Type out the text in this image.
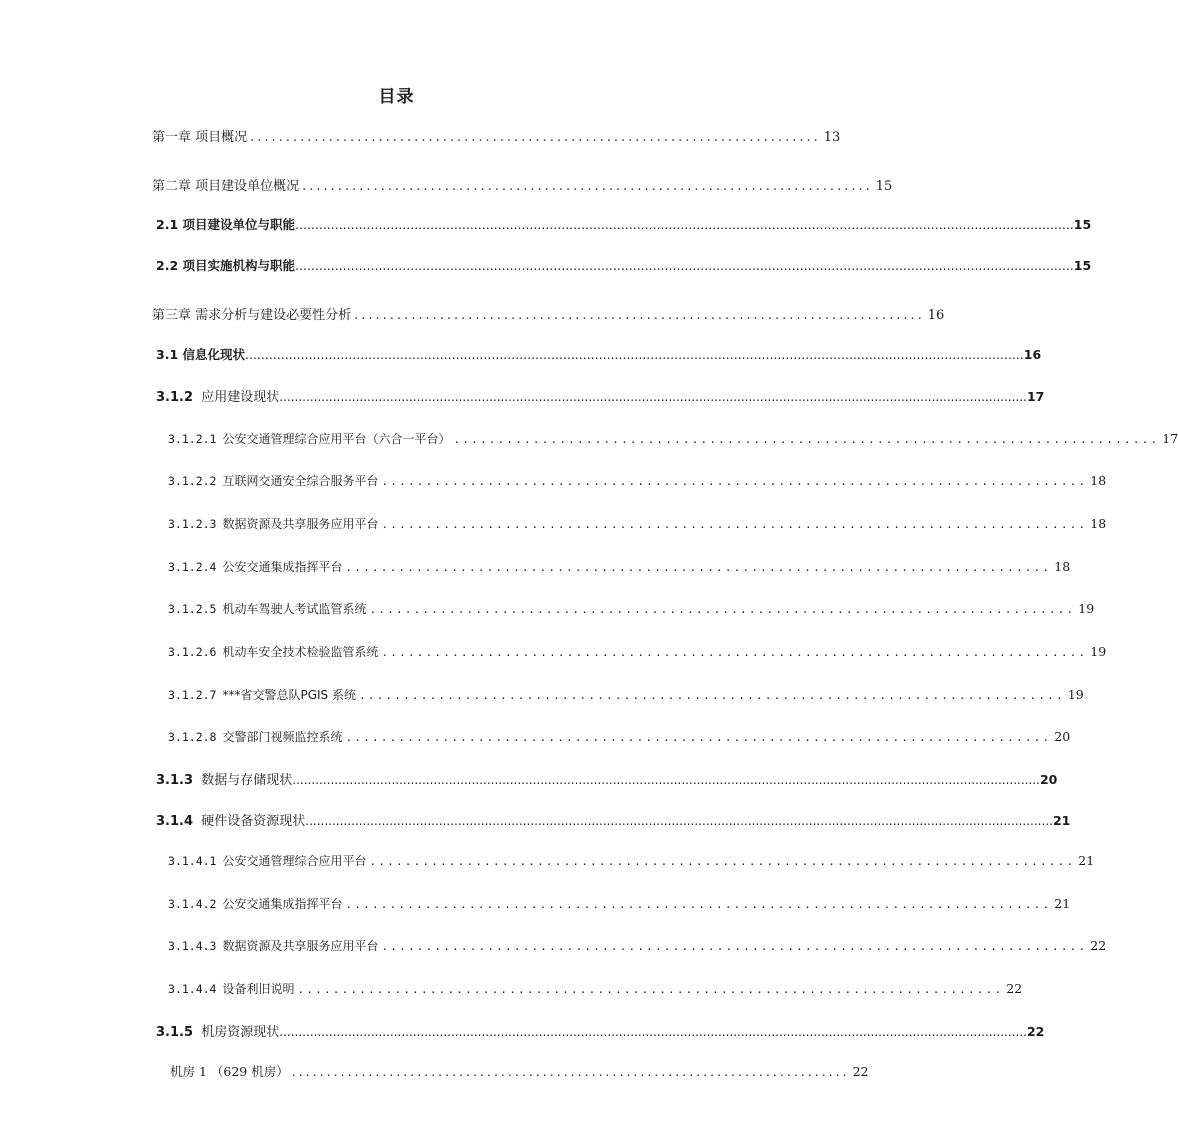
目录
第一章 项目概况 ................................................................................ 13
第二章 项目建设单位概况 ................................................................................ 15
2.1 项目建设单位与职能 .................................................................................................................................................................................................... 15
2.2 项目实施机构与职能 .................................................................................................................................................................................................... 15
第三章 需求分析与建设必要性分析 ................................................................................ 16
3.1 信息化现状 .................................................................................................................................................................................................... 16
3.1.2 应用建设现状 .................................................................................................................................................................................................... 17
3.1.2.1 公安交通管理综合应用平台（六合一平台） ................................................................................ 17
3.1.2.2 互联网交通安全综合服务平台 ................................................................................ 18
3.1.2.3 数据资源及共享服务应用平台 ................................................................................ 18
3.1.2.4 公安交通集成指挥平台 ................................................................................ 18
3.1.2.5 机动车驾驶人考试监管系统 ................................................................................ 19
3.1.2.6 机动车安全技术检验监管系统 ................................................................................ 19
3.1.2.7 ***省交警总队PGIS 系统 ................................................................................ 19
3.1.2.8 交警部门视频监控系统 ................................................................................ 20
3.1.3 数据与存储现状 .................................................................................................................................................................................................... 20
3.1.4 硬件设备资源现状 .................................................................................................................................................................................................... 21
3.1.4.1 公安交通管理综合应用平台 ................................................................................ 21
3.1.4.2 公安交通集成指挥平台 ................................................................................ 21
3.1.4.3 数据资源及共享服务应用平台 ................................................................................ 22
3.1.4.4 设备利旧说明 ................................................................................ 22
3.1.5 机房资源现状 .................................................................................................................................................................................................... 22
机房 1 （629 机房） ................................................................................ 22
